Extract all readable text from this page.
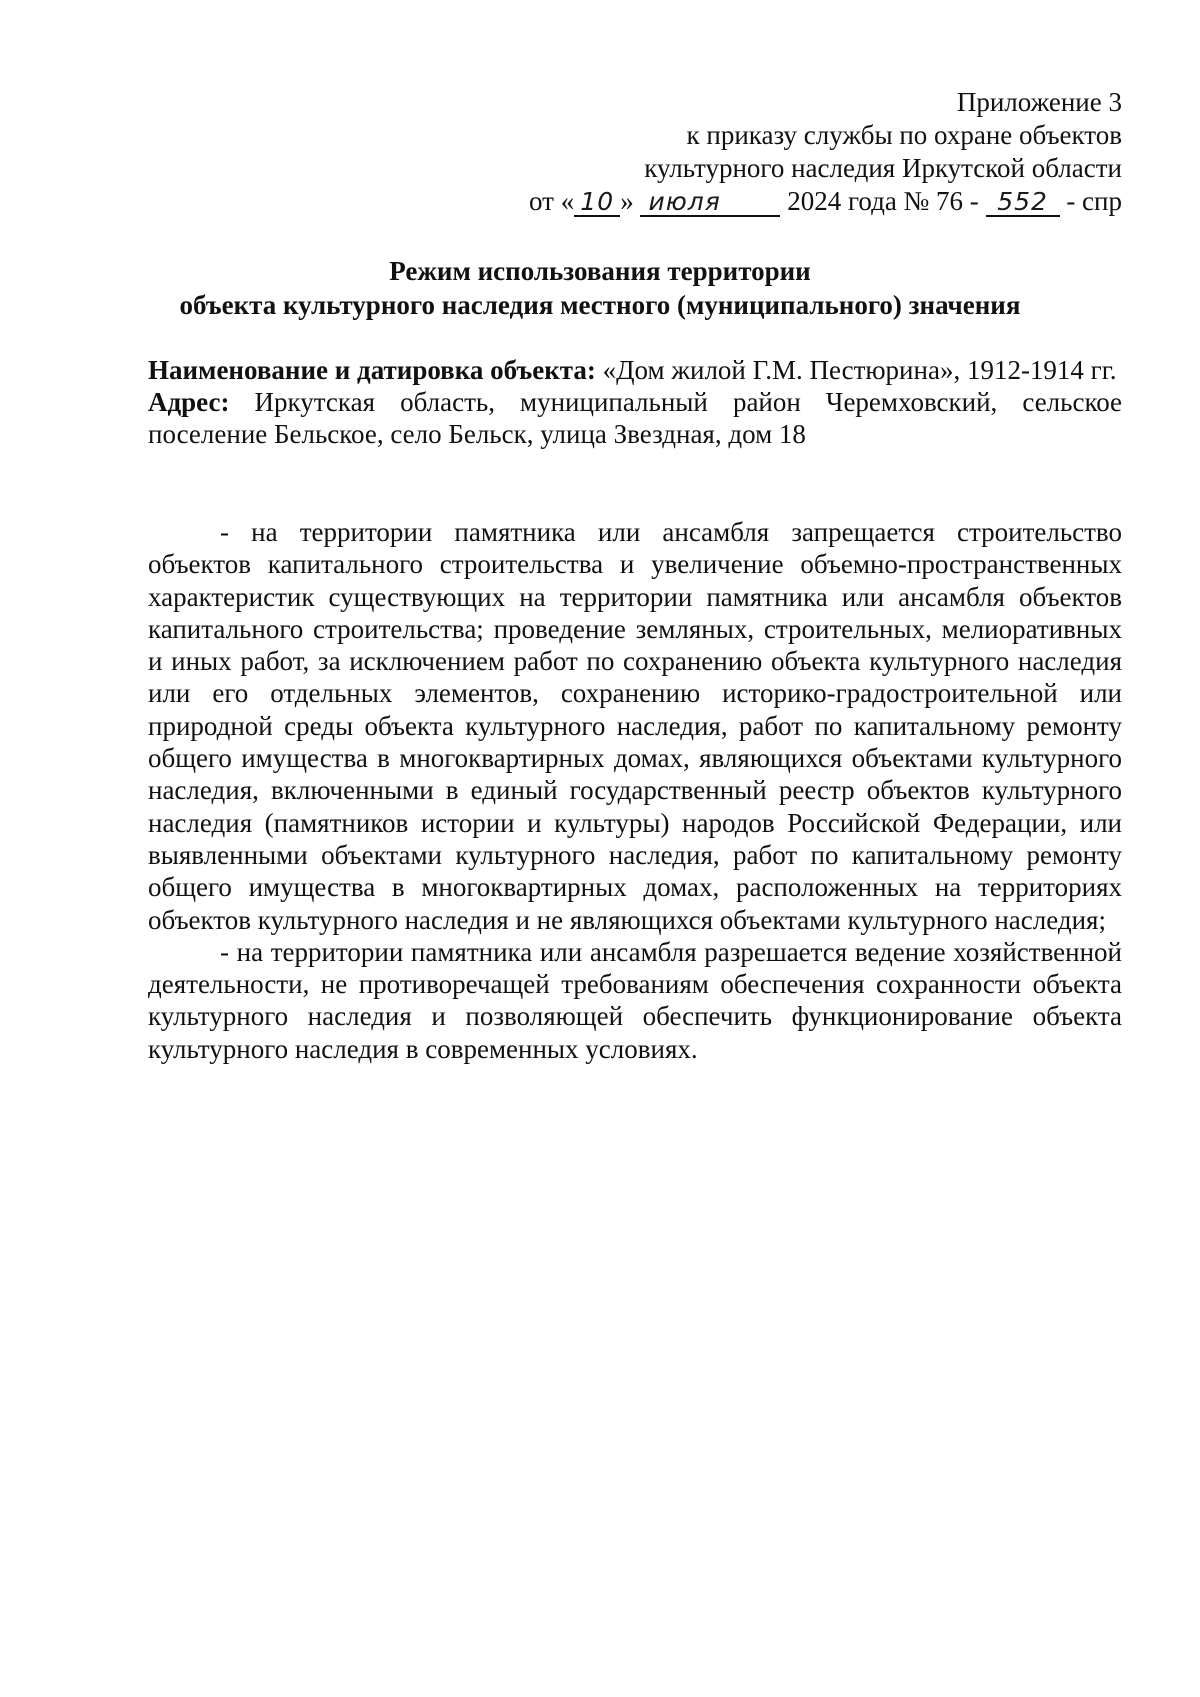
Приложение 3
к приказу службы по охране объектов
культурного наследия Иркутской области
от « 10 » июля 2024 года № 76 - 552 - спр
Режим использования территории
объекта культурного наследия местного (муниципального) значения

Наименование и датировка объекта: «Дом жилой Г.М. Пестюрина», 1912-1914 гг.

Адрес: Иркутская область, муниципальный район Черемховский, сельское поселение Бельское, село Бельск, улица Звездная, дом 18

- на территории памятника или ансамбля запрещается строительство объектов капитального строительства и увеличение объемно-пространственных характеристик существующих на территории памятника или ансамбля объектов капитального строительства; проведение земляных, строительных, мелиоративных и иных работ, за исключением работ по сохранению объекта культурного наследия или его отдельных элементов, сохранению историко-градостроительной или природной среды объекта культурного наследия, работ по капитальному ремонту общего имущества в многоквартирных домах, являющихся объектами культурного наследия, включенными в единый государственный реестр объектов культурного наследия (памятников истории и культуры) народов Российской Федерации, или выявленными объектами культурного наследия, работ по капитальному ремонту общего имущества в многоквартирных домах, расположенных на территориях объектов культурного наследия и не являющихся объектами культурного наследия;

- на территории памятника или ансамбля разрешается ведение хозяйственной деятельности, не противоречащей требованиям обеспечения сохранности объекта культурного наследия и позволяющей обеспечить функционирование объекта культурного наследия в современных условиях.
